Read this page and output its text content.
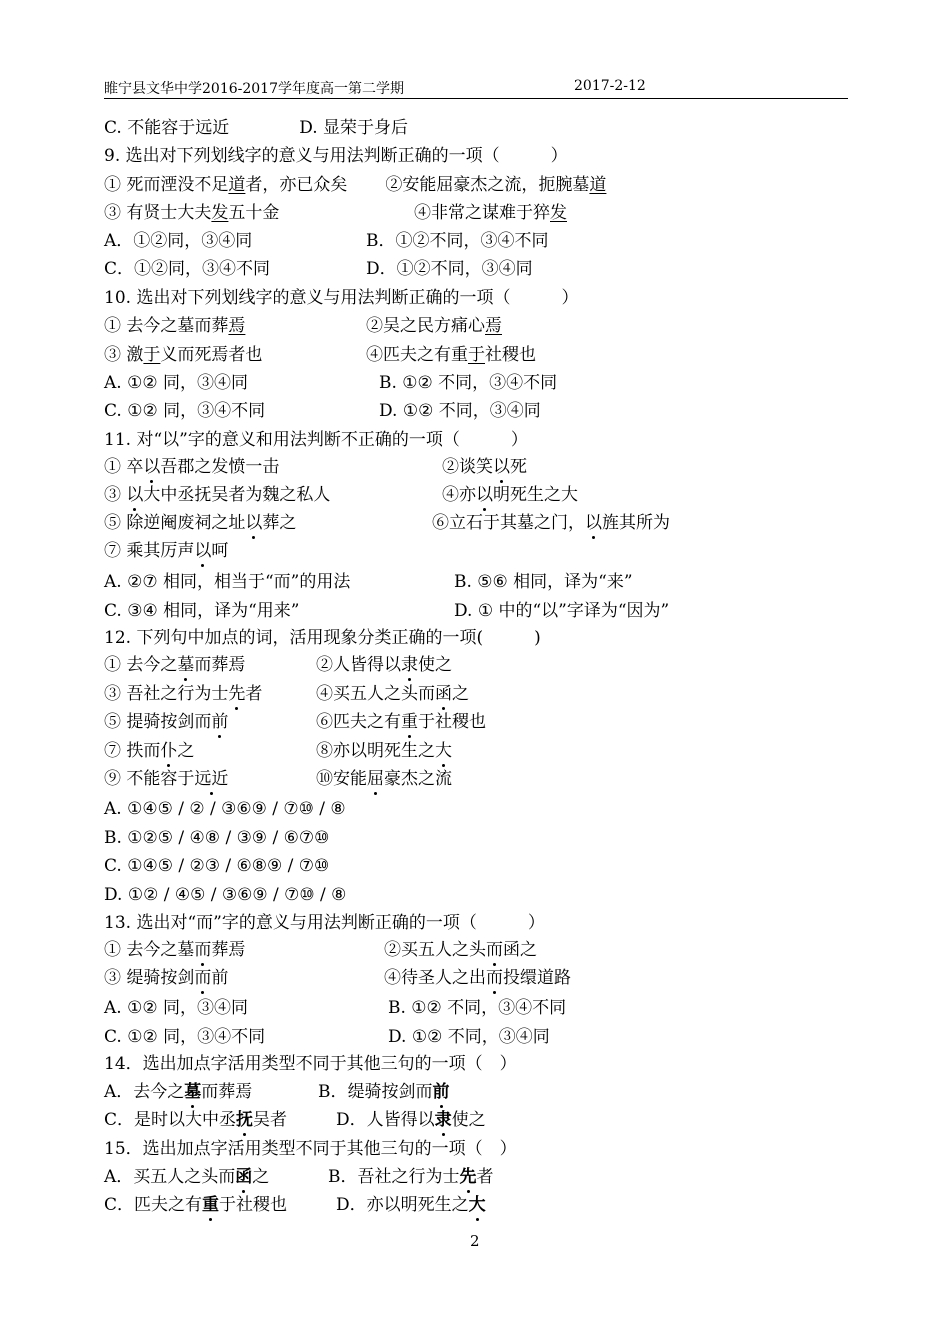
睢宁县文华中学2016-2017学年度高一第二学期	2017-2-12
C. 不能容于远近	D. 显荣于身后
9. 选出对下列划线字的意义与用法判断正确的一项（　　　）
① 死而湮没不足道者，亦已众矣 ②安能屈豪杰之流，扼腕墓道
③ 有贤士大夫发五十金	④非常之谋难于猝发
A．①②同，③④同	B．①②不同，③④不同
C．①②同，③④不同	D．①②不同，③④同
10. 选出对下列划线字的意义与用法判断正确的一项（　　　）
① 去今之墓而葬焉	②吴之民方痛心焉
③ 激于义而死焉者也	④匹夫之有重于社稷也
A. ①② 同，③④同	B. ①② 不同，③④不同
C. ①② 同，③④不同	D. ①② 不同，③④同
11. 对“以”字的意义和用法判断不正确的一项（　　　）
① 卒以吾郡之发愤一击	②谈笑以死
③ 以大中丞抚吴者为魏之私人	④亦以明死生之大
⑤ 除逆阉废祠之址以葬之	⑥立石于其墓之门，以旌其所为
⑦ 乘其厉声以呵
A. ②⑦ 相同，相当于“而”的用法	B. ⑤⑥ 相同，译为“来”
C. ③④ 相同，译为“用来”	D. ① 中的“以”字译为“因为”
12. 下列句中加点的词，活用现象分类正确的一项(　　　)
① 去今之墓而葬焉	②人皆得以隶使之
③ 吾社之行为士先者	④买五人之头而函之
⑤ 提骑按剑而前	⑥匹夫之有重于社稷也
⑦ 抶而仆之	⑧亦以明死生之大
⑨ 不能容于远近	⑩安能屈豪杰之流
A. ①④⑤ / ② / ③⑥⑨ / ⑦⑩ / ⑧
B. ①②⑤ / ④⑧ / ③⑨ / ⑥⑦⑩
C. ①④⑤ / ②③ / ⑥⑧⑨ / ⑦⑩
D. ①② / ④⑤ / ③⑥⑨ / ⑦⑩ / ⑧
13. 选出对“而”字的意义与用法判断正确的一项（　　　）
① 去今之墓而葬焉	②买五人之头而函之
③ 缇骑按剑而前	④待圣人之出而投缳道路
A. ①② 同，③④同	B. ①② 不同，③④不同
C. ①② 同，③④不同	D. ①② 不同，③④同
14．选出加点字活用类型不同于其他三句的一项（　）
A．去今之墓而葬焉	B．缇骑按剑而前
C．是时以大中丞抚吴者	D．人皆得以隶使之
15．选出加点字活用类型不同于其他三句的一项（　）
A．买五人之头而函之	B．吾社之行为士先者
C．匹夫之有重于社稷也	D．亦以明死生之大
2
